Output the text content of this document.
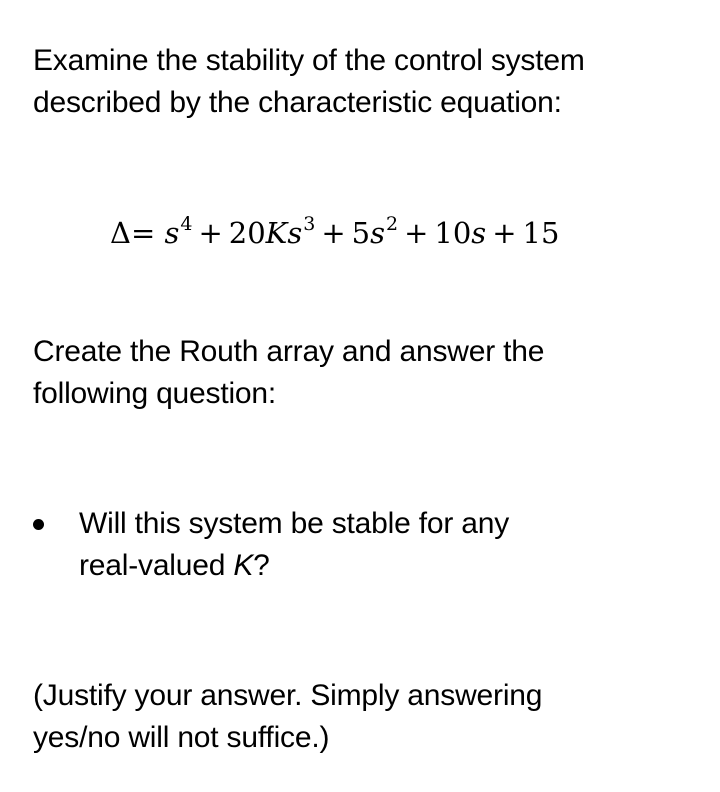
Examine the stability of the control system
described by the characteristic equation:
$\Delta= s^4 + 20Ks^3 + 5s^2 + 10s + 15$
Create the Routh array and answer the
following question:
Will this system be stable for any
real-valued K?
(Justify your answer. Simply answering
yes/no will not suffice.)
